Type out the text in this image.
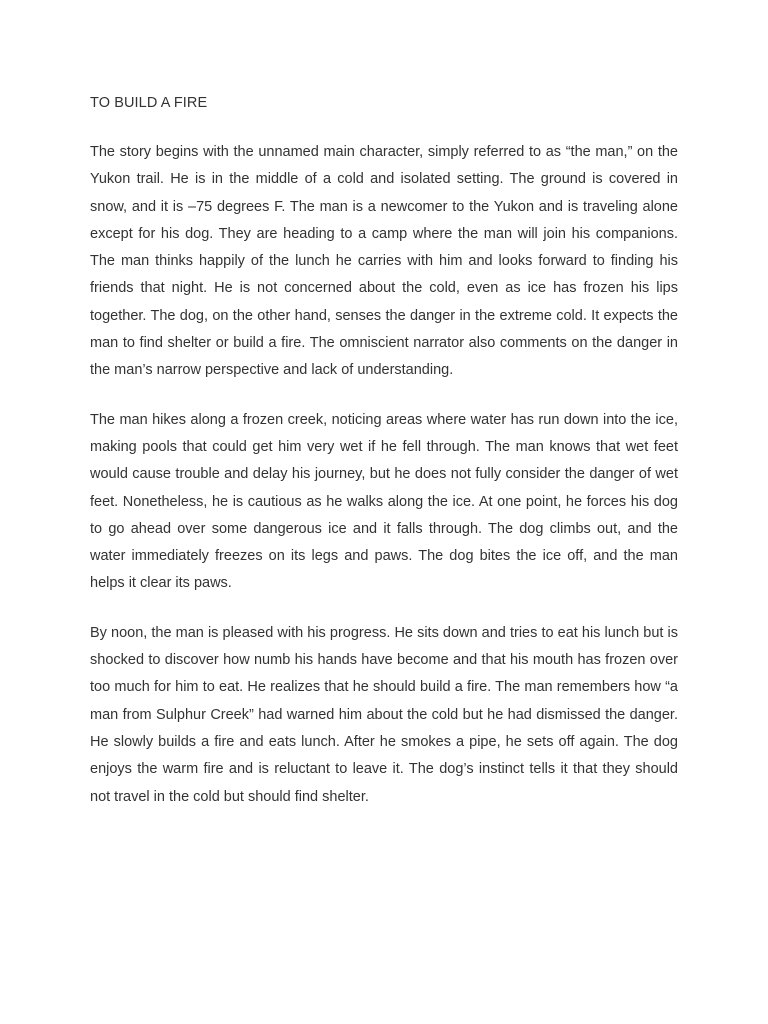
TO BUILD A FIRE

The story begins with the unnamed main character, simply referred to as “the man,” on the Yukon trail. He is in the middle of a cold and isolated setting. The ground is covered in snow, and it is –75 degrees F. The man is a newcomer to the Yukon and is traveling alone except for his dog. They are heading to a camp where the man will join his companions. The man thinks happily of the lunch he carries with him and looks forward to finding his friends that night. He is not concerned about the cold, even as ice has frozen his lips together. The dog, on the other hand, senses the danger in the extreme cold. It expects the man to find shelter or build a fire. The omniscient narrator also comments on the danger in the man’s narrow perspective and lack of understanding.

The man hikes along a frozen creek, noticing areas where water has run down into the ice, making pools that could get him very wet if he fell through. The man knows that wet feet would cause trouble and delay his journey, but he does not fully consider the danger of wet feet. Nonetheless, he is cautious as he walks along the ice. At one point, he forces his dog to go ahead over some dangerous ice and it falls through. The dog climbs out, and the water immediately freezes on its legs and paws. The dog bites the ice off, and the man helps it clear its paws.

By noon, the man is pleased with his progress. He sits down and tries to eat his lunch but is shocked to discover how numb his hands have become and that his mouth has frozen over too much for him to eat. He realizes that he should build a fire. The man remembers how “a man from Sulphur Creek” had warned him about the cold but he had dismissed the danger. He slowly builds a fire and eats lunch. After he smokes a pipe, he sets off again. The dog enjoys the warm fire and is reluctant to leave it. The dog’s instinct tells it that they should not travel in the cold but should find shelter.
